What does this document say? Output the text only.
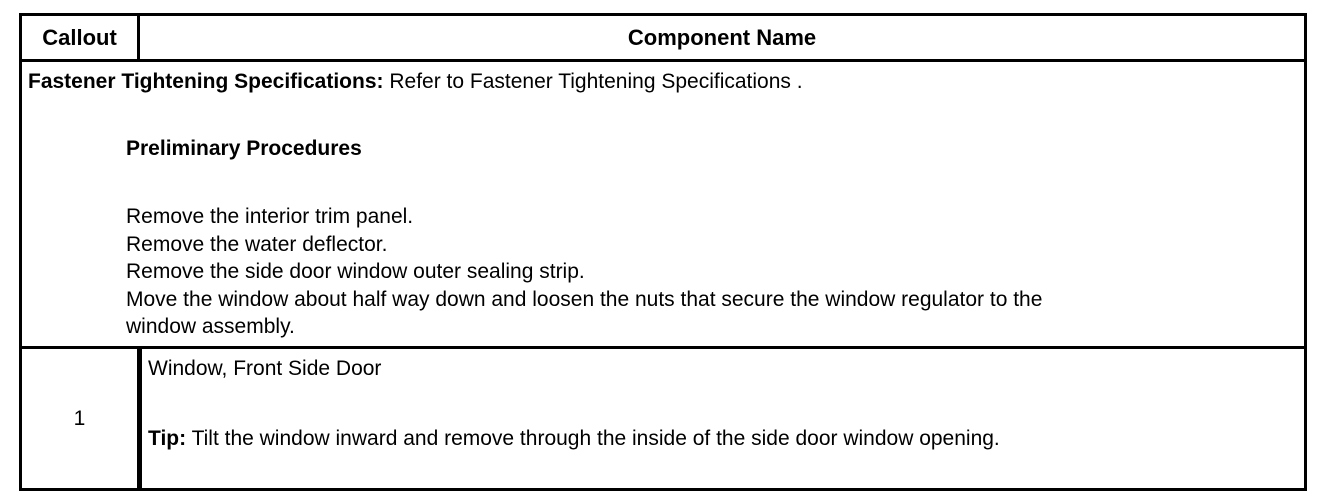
Callout	Component Name
Fastener Tightening Specifications: Refer to Fastener Tightening Specifications .
Preliminary Procedures
Remove the interior trim panel.
Remove the water deflector.
Remove the side door window outer sealing strip.
Move the window about half way down and loosen the nuts that secure the window regulator to the
window assembly.
1
Window, Front Side Door
Tip: Tilt the window inward and remove through the inside of the side door window opening.
